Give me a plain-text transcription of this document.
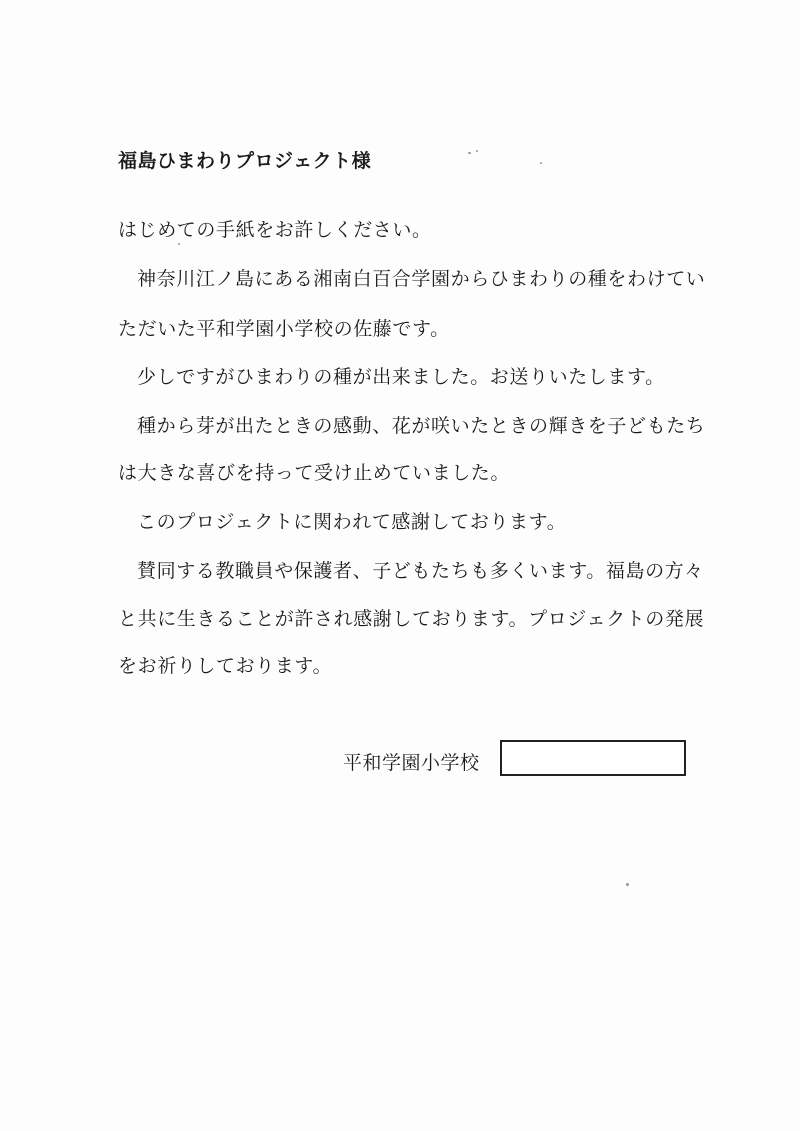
福島ひまわりプロジェクト様
はじめての手紙をお許しください。
神奈川江ノ島にある湘南白百合学園からひまわりの種をわけてい
ただいた平和学園小学校の佐藤です。
少しですがひまわりの種が出来ました。お送りいたします。
種から芽が出たときの感動、花が咲いたときの輝きを子どもたち
は大きな喜びを持って受け止めていました。
このプロジェクトに関われて感謝しております。
賛同する教職員や保護者、子どもたちも多くいます。福島の方々
と共に生きることが許され感謝しております。プロジェクトの発展
をお祈りしております。
平和学園小学校
